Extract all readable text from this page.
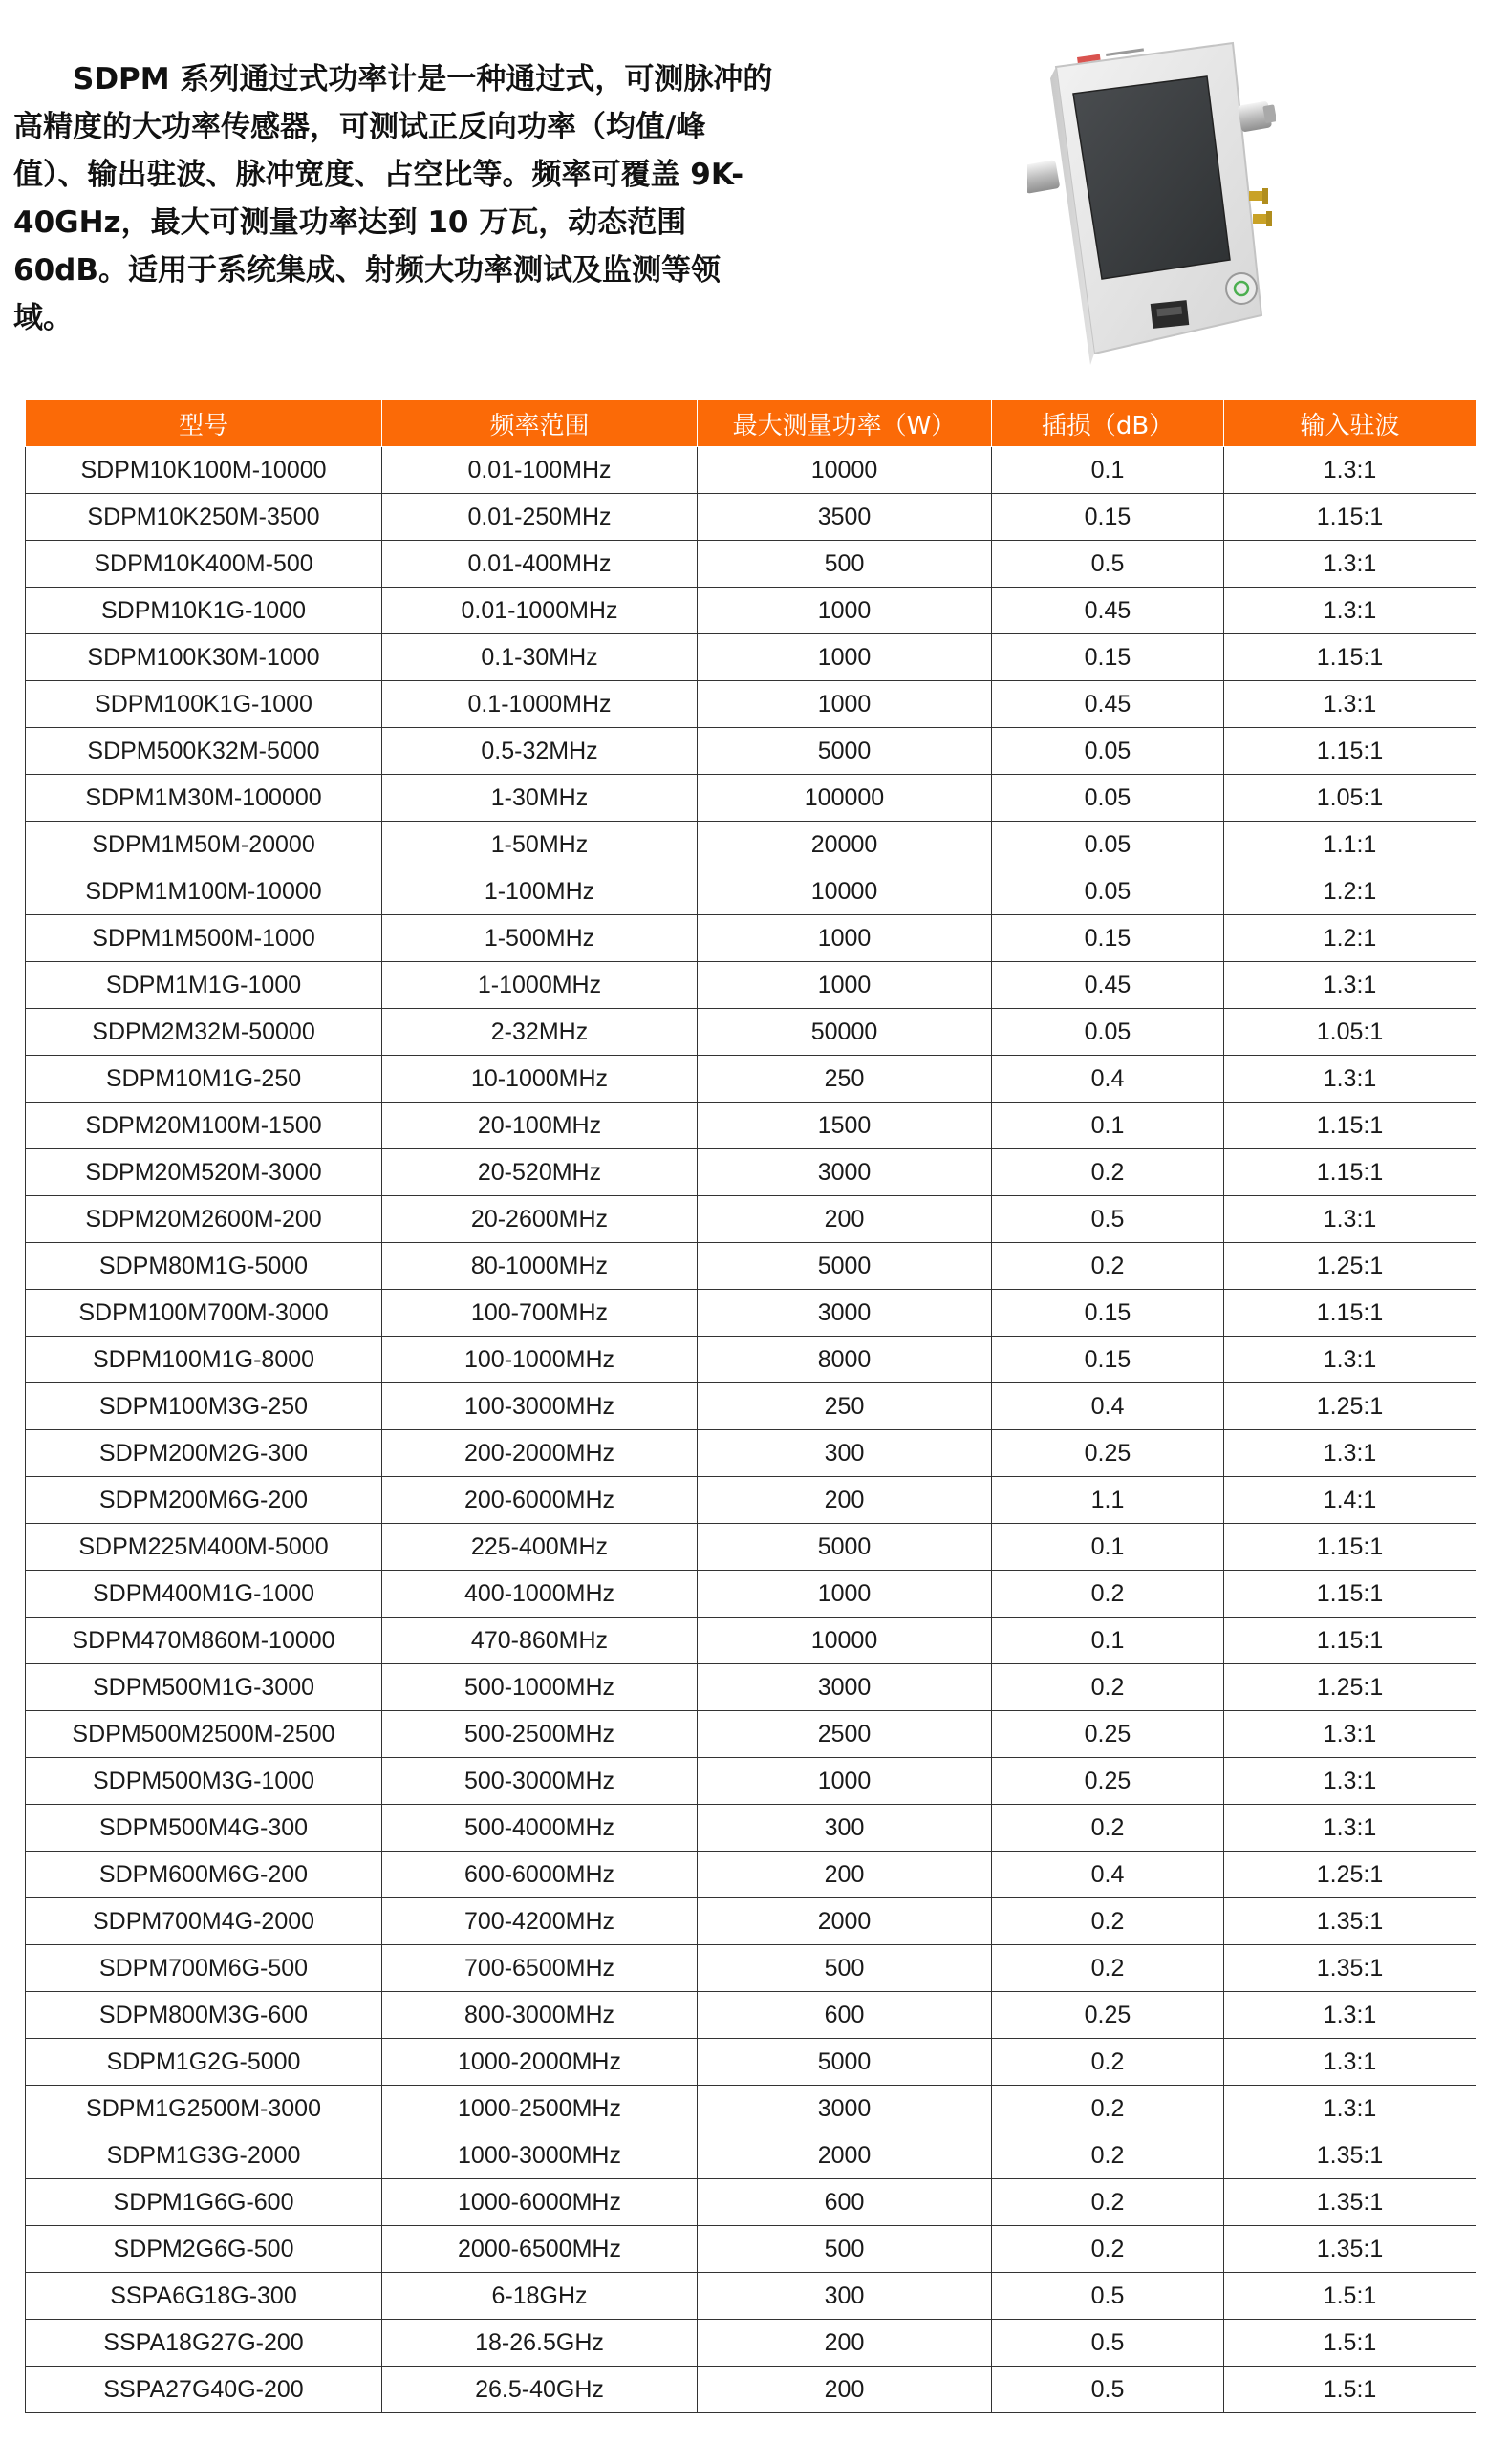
SDPM 系列通过式功率计是一种通过式，可测脉冲的高精度的大功率传感器，可测试正反向功率（均值/峰值）、输出驻波、脉冲宽度、占空比等。频率可覆盖 9K-40GHz，最大可测量功率达到 10 万瓦，动态范围 60dB。适用于系统集成、射频大功率测试及监测等领域。

型号	频率范围	最大测量功率（W）	插损（dB）	输入驻波
SDPM10K100M-10000	0.01-100MHz	10000	0.1	1.3:1
SDPM10K250M-3500	0.01-250MHz	3500	0.15	1.15:1
SDPM10K400M-500	0.01-400MHz	500	0.5	1.3:1
SDPM10K1G-1000	0.01-1000MHz	1000	0.45	1.3:1
SDPM100K30M-1000	0.1-30MHz	1000	0.15	1.15:1
SDPM100K1G-1000	0.1-1000MHz	1000	0.45	1.3:1
SDPM500K32M-5000	0.5-32MHz	5000	0.05	1.15:1
SDPM1M30M-100000	1-30MHz	100000	0.05	1.05:1
SDPM1M50M-20000	1-50MHz	20000	0.05	1.1:1
SDPM1M100M-10000	1-100MHz	10000	0.05	1.2:1
SDPM1M500M-1000	1-500MHz	1000	0.15	1.2:1
SDPM1M1G-1000	1-1000MHz	1000	0.45	1.3:1
SDPM2M32M-50000	2-32MHz	50000	0.05	1.05:1
SDPM10M1G-250	10-1000MHz	250	0.4	1.3:1
SDPM20M100M-1500	20-100MHz	1500	0.1	1.15:1
SDPM20M520M-3000	20-520MHz	3000	0.2	1.15:1
SDPM20M2600M-200	20-2600MHz	200	0.5	1.3:1
SDPM80M1G-5000	80-1000MHz	5000	0.2	1.25:1
SDPM100M700M-3000	100-700MHz	3000	0.15	1.15:1
SDPM100M1G-8000	100-1000MHz	8000	0.15	1.3:1
SDPM100M3G-250	100-3000MHz	250	0.4	1.25:1
SDPM200M2G-300	200-2000MHz	300	0.25	1.3:1
SDPM200M6G-200	200-6000MHz	200	1.1	1.4:1
SDPM225M400M-5000	225-400MHz	5000	0.1	1.15:1
SDPM400M1G-1000	400-1000MHz	1000	0.2	1.15:1
SDPM470M860M-10000	470-860MHz	10000	0.1	1.15:1
SDPM500M1G-3000	500-1000MHz	3000	0.2	1.25:1
SDPM500M2500M-2500	500-2500MHz	2500	0.25	1.3:1
SDPM500M3G-1000	500-3000MHz	1000	0.25	1.3:1
SDPM500M4G-300	500-4000MHz	300	0.2	1.3:1
SDPM600M6G-200	600-6000MHz	200	0.4	1.25:1
SDPM700M4G-2000	700-4200MHz	2000	0.2	1.35:1
SDPM700M6G-500	700-6500MHz	500	0.2	1.35:1
SDPM800M3G-600	800-3000MHz	600	0.25	1.3:1
SDPM1G2G-5000	1000-2000MHz	5000	0.2	1.3:1
SDPM1G2500M-3000	1000-2500MHz	3000	0.2	1.3:1
SDPM1G3G-2000	1000-3000MHz	2000	0.2	1.35:1
SDPM1G6G-600	1000-6000MHz	600	0.2	1.35:1
SDPM2G6G-500	2000-6500MHz	500	0.2	1.35:1
SSPA6G18G-300	6-18GHz	300	0.5	1.5:1
SSPA18G27G-200	18-26.5GHz	200	0.5	1.5:1
SSPA27G40G-200	26.5-40GHz	200	0.5	1.5:1
